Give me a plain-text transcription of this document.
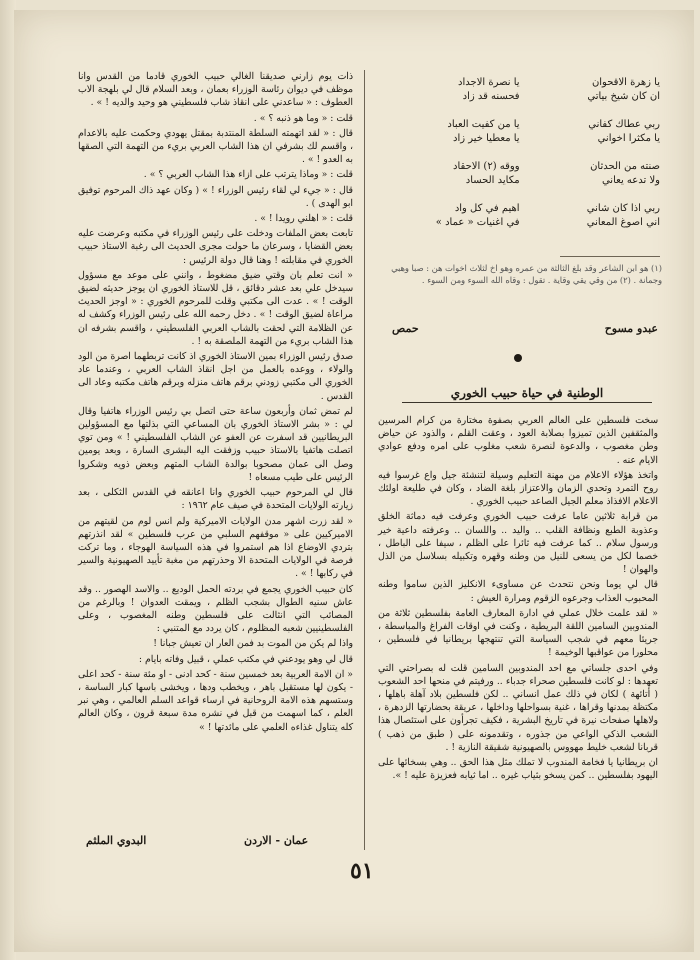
يا زهرة الاقحوان
يا نصرة الاجداد
ان كان شيخ بياتي
فحسنه قد زاد
ربي عطاك كفاني
يا من كفيت العباد
يا مكثرا اخواني
يا معطيا خير زاد
صنته من الحدثان
ووقه (٢) الاحقاد
ولا تدعه يعاني
مكايد الحساد
ربي اذا كان شاني
اهيم في كل واد
اني اصوغ المعاني
في اغنيات « عماد »
(١) هو ابن الشاعر وقد بلغ الثالثة من عمره وهو اخ لثلاث اخوات هن : صبا وهبي وجمانة . (٢) من وقي يقي وقاية . تقول : وقاه الله السوء ومن السوء .
عبدو مسوح
حمص
الوطنية في حياة حبيب الخوري

سخت فلسطين على العالم العربي بصفوة مختارة من كرام المرسين والمثقفين الذين تميزوا بصلابة العود ، وعقت القلم ، والذود عن حياض وطن مغصوب ، والدعوة لنصرة شعب مغلوب على امره ودفع عوادي الايام عنه .

واتخذ هؤلاء الاعلام من مهنة التعليم وسيلة لتنشئة جيل واع غرسوا فيه روح التمرد وتحدي الزمان والاعتزاز بلغة الضاد ، وكان في طليعة اولئك الاعلام الافذاذ معلم الجيل الصاعد حبيب الخوري .

من قرابة ثلاثين عاما عرفت حبيب الخوري وعرفت فيه دماثة الخلق وعذوبة الطبع ونظافة القلب .. واليد .. واللسان .. وعرفته داعية خير ورسول سلام .. كما عرفت فيه ثائرا على الظلم ، سيفا على الباطل ، خصما لكل من يسعى للنيل من وطنه وقهره وتكبيله بسلاسل من الذل والهوان !

قال لي يوما ونحن نتحدث عن مساوىء الانكليز الذين ساموا وطنه المحبوب العذاب وجرعوه الزقوم ومرارة العيش :

« لقد علمت خلال عملي في ادارة المعارف العامة بفلسطين ثلاثة من المندوبين السامين اللقة البريطية ، وكنت في اوقات الفراغ والمباسطة ، جريئا معهم في شجب السياسة التي تنتهجها بريطانيا في فلسطين ، محلورا من عواقبها الوخيمة !

وفي احدى جلساتي مع احد المندوبين السامين قلت له بصراحتي التي تعهدها : لو كانت فلسطين صحراء جدباء .. ورفيتم في منحها احد الشعوب ( أتائهة ) لكان في ذلك عمل انساني .. لكن فلسطين بلاد آهلة باهلها ، مكتظة بمدنها وقراها ، غنية بسواحلها وداخلها ، عريقة بحضارتها الزدهرة ، ولاهلها صفحات نيرة في تاريخ البشرية ، فكيف تجرأون على استئصال هذا الشعب الذكي الواعي من جذوره ، وتقدمونه على ( طبق من ذهب ) قربانا لشعب خليط مهووس بالصهيونية شقيقة النازية ! .

ان بريطانيا يا فخامة المندوب لا تملك مثل هذا الحق .. وهي بسخائها على اليهود بفلسطين .. كمن يسخو بثياب غيره .. اما ثيابه فعزيزة عليه ! ».

ذات يوم زارني صديقنا الغالي حبيب الخوري قادما من القدس وانا موظف في ديوان رئاسة الوزراء بعمان ، وبعد السلام قال لي بلهجة الاب العطوف : « ساعدني على انقاذ شاب فلسطيني هو وحيد والديه ! » .

قلت : « وما هو ذنبه ؟ » .

قال : « لقد اتهمته السلطة المنتدبة بمقتل يهودي وحكمت عليه بالاعدام ، واقسم لك بشرفي ان هذا الشاب العربي بريء من التهمة التي الصقها به العدو ! » .

قلت : « وماذا يترتب على ازاء هذا الشاب العربي ؟ » .

قال : « جيء لي لقاء رئيس الوزراء ! » ( وكان عهد ذاك المرحوم توفيق ابو الهدى ) .

قلت : « اهلني رويدا ! » .

تابعت بعض الملفات ودخلت على رئيس الوزراء في مكتبه وعرضت عليه بعض القضايا ، وسرعان ما حولت مجرى الحديث الى رغبة الاستاذ حبيب الخوري في مقابلته ! وهنا قال دولة الرئيس :

« انت تعلم بان وقتي ضيق مضغوط ، وانني على موعد مع مسؤول سيدخل علي بعد عشر دقائق ، قل للاستاذ الخوري ان يوجز حديثه لضيق الوقت ! » . عدت الى مكتبي وقلت للمرحوم الخوري : « اوجز الحديث مراعاة لضيق الوقت ! » . دخل رحمه الله على رئيس الوزراء وكشف له عن الظلامة التي لحقت بالشاب العربي الفلسطيني ، واقسم بشرفه ان هذا الشاب بريء من التهمة الملصقة به ! .

صدق رئيس الوزراء بمين الاستاذ الخوري اذ كانت تربطهما اصرة من الود والولاء ، ووعده بالعمل من اجل انقاذ الشاب العربي ، وعندما عاد الخوري الى مكتبي زودني برقم هاتف منزله وبرقم هاتف مكتبه وعاد الى القدس .

لم تمض ثمان وأربعون ساعة حتى اتصل بي رئيس الوزراء هاتفيا وقال لي : « بشر الاستاذ الخوري بان المساعي التي بذلتها مع المسؤولين البريطانيين قد اسفرت عن العفو عن الشاب الفلسطيني ! » ومن توي اتصلت هاتفيا بالاستاذ حبيب وزفقت اليه البشرى السارة ، وبعد يومين وصل الى عمان مصحوبا بوالدة الشاب المتهم وبعض ذويه وشكروا الرئيس على طيب مسعاه !

قال لي المرحوم حبيب الخوري وانا اعانقه في القدس الثكلى ، بعد زيارته الولايات المتحدة في صيف عام ١٩٦٢ :

« لقد زرت اشهر مدن الولايات الاميركية ولم انس لوم من لقيتهم من الاميركيين على « موقفهم السلبي من عرب فلسطين » لقد انذرتهم بتردي الاوضاع اذا هم استمروا في هذه السياسة الهوجاء ، وما تركت فرصة في الولايات المتحدة الا وحذرتهم من مغبة تأييد الصهيونية والسير في ركابها ! » .

كان حبيب الخوري يجمع في بردته الحمل الوديع .. والاسد الهصور .. وقد عاش سنيه الطوال بشجب الظلم ، ويمقت العدوان ! وبالرغم من المصائب التي انثالت على فلسطين وطنه المغصوب ، وعلى الفلسطينيين شعبه المظلوم ، كان يردد مع المتنبي :

واذا لم يكن من الموت بد فمن العار ان تعيش جبانا !

قال لي وهو يودعني في مكتب عملي ، قبيل وفاته بايام :

« ان الامة العربية بعد خمسين سنة - كحد ادنى - او مئة سنة - كحد اعلى - يكون لها مستقبل باهر ، ويخطب ودها ، ويخشى باسها كبار الساسة ، وستسهم هذه الامة الروحانية في ارساء قواعد السلم العالمي ، وهي نبر العلم ، كما اسهمت من قبل في نشره مدة سبعة قرون ، وكان العالم كله يتناول غذاءه العلمي على مائدتها ! »

عمان - الاردن
البدوي الملثم
٥١
